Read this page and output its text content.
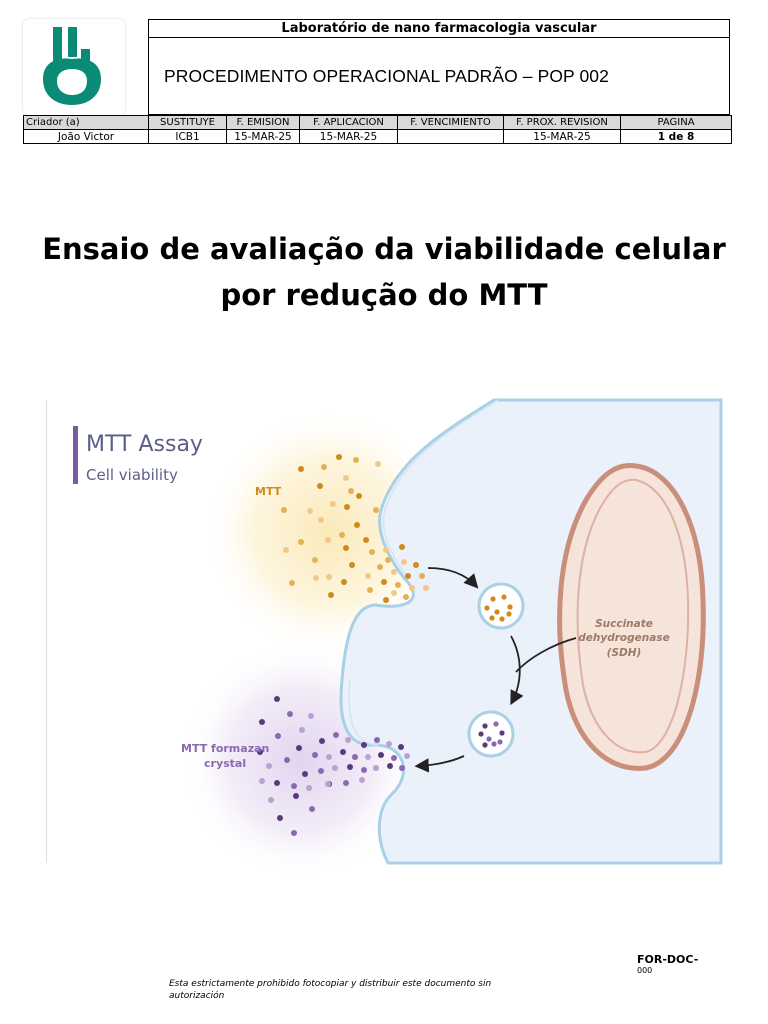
Laboratório de nano farmacologia vascular
PROCEDIMENTO OPERACIONAL PADRÃO – POP 002
Criador (a)	SUSTITUYE	F. EMISION	F. APLICACION	F. VENCIMIENTO	F. PROX. REVISION	PAGINA
João Victor	ICB1	15-MAR-25	15-MAR-25		15-MAR-25	1 de 8
Ensaio de avaliação da viabilidade celular
por redução do MTT
Succinate
dehydrogenase
(SDH)
MTT Assay
Cell viability
MTT
MTT formazan
crystal
FOR-DOC-
000
Esta estrictamente prohibido fotocopiar y distribuir este documento sin
autorización
